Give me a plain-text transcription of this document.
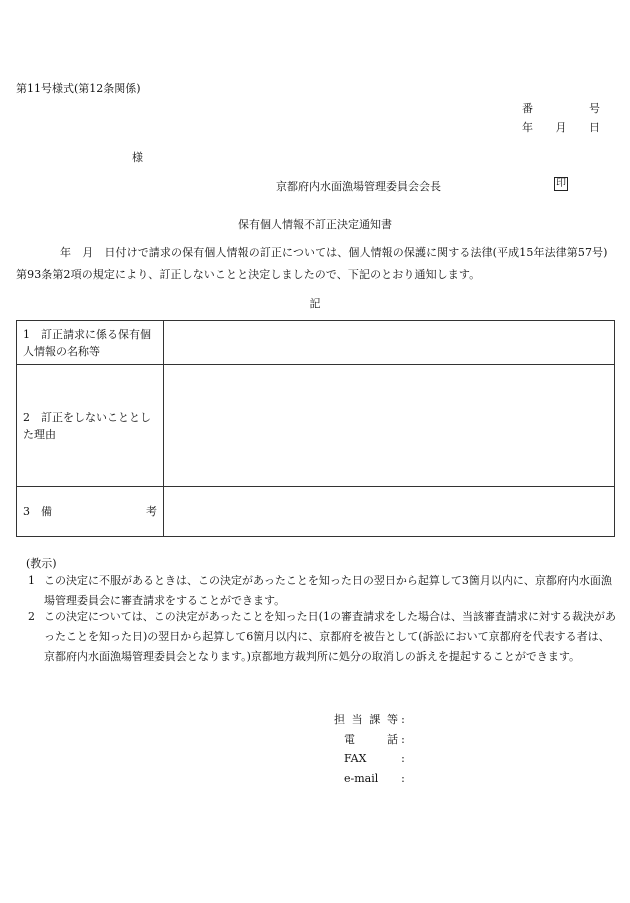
第11号様式(第12条関係)
番	号
年 月 日
様
京都府内水面漁場管理委員会会長	印
保有個人情報不訂正決定通知書
年　月　日付けで請求の保有個人情報の訂正については、個人情報の保護に関する法律(平成15年法律第57号)第93条第2項の規定により、訂正しないことと決定しましたので、下記のとおり通知します。
記
1　訂正請求に係る保有個人情報の名称等	
2　訂正をしないこととした理由	

3　 備 考	

(教示)
1 この決定に不服があるときは、この決定があったことを知った日の翌日から起算して3箇月以内に、京都府内水面漁場管理委員会に審査請求をすることができます。
2 この決定については、この決定があったことを知った日(1の審査請求をした場合は、当該審査請求に対する裁決があったことを知った日)の翌日から起算して6箇月以内に、京都府を被告として(訴訟において京都府を代表する者は、京都府内水面漁場管理委員会となります。)京都地方裁判所に処分の取消しの訴えを提起することができます。
担当課等 :
電話 :
FAX	:
e-mail	:
